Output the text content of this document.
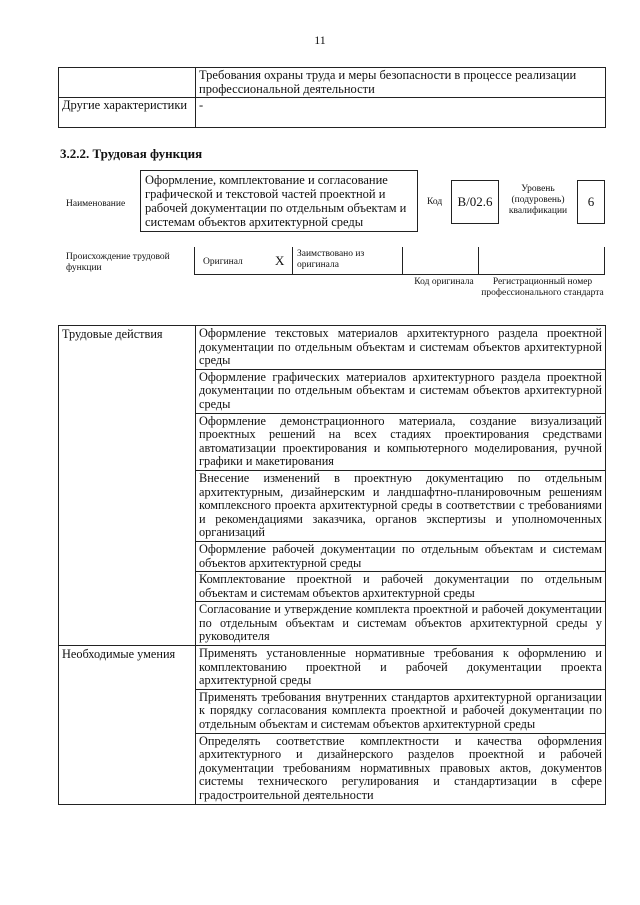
11
	Требования охраны труда и меры безопасности в процессе реализации профессиональной деятельности
Другие характеристики	-
3.2.2. Трудовая функция
Наименование
Оформление, комплектование и согласование графической и текстовой частей проектной и рабочей документации по отдельным объектам и системам объектов архитектурной среды
Код	B/02.6
Уровень (подуровень) квалификации
6
Происхождение трудовой функции
Оригинал X Заимствовано из оригинала
Код оригинала	Регистрационный номер профессионального стандарта
Трудовые действия	Оформление текстовых материалов архитектурного раздела проектной документации по отдельным объектам и системам объектов архитектурной среды
	Оформление графических материалов архитектурного раздела проектной документации по отдельным объектам и системам объектов архитектурной среды
	Оформление демонстрационного материала, создание визуализаций проектных решений на всех стадиях проектирования средствами автоматизации проектирования и компьютерного моделирования, ручной графики и макетирования
	Внесение изменений в проектную документацию по отдельным архитектурным, дизайнерским и ландшафтно-планировочным решениям комплексного проекта архитектурной среды в соответствии с требованиями и рекомендациями заказчика, органов экспертизы и уполномоченных организаций
	Оформление рабочей документации по отдельным объектам и системам объектов архитектурной среды
	Комплектование проектной и рабочей документации по отдельным объектам и системам объектов архитектурной среды
	Согласование и утверждение комплекта проектной и рабочей документации по отдельным объектам и системам объектов архитектурной среды у руководителя
Необходимые умения	Применять установленные нормативные требования к оформлению и комплектованию проектной и рабочей документации проекта архитектурной среды
	Применять требования внутренних стандартов архитектурной организации к порядку согласования комплекта проектной и рабочей документации по отдельным объектам и системам объектов архитектурной среды
	Определять соответствие комплектности и качества оформления архитектурного и дизайнерского разделов проектной и рабочей документации требованиям нормативных правовых актов, документов системы технического регулирования и стандартизации в сфере градостроительной деятельности
